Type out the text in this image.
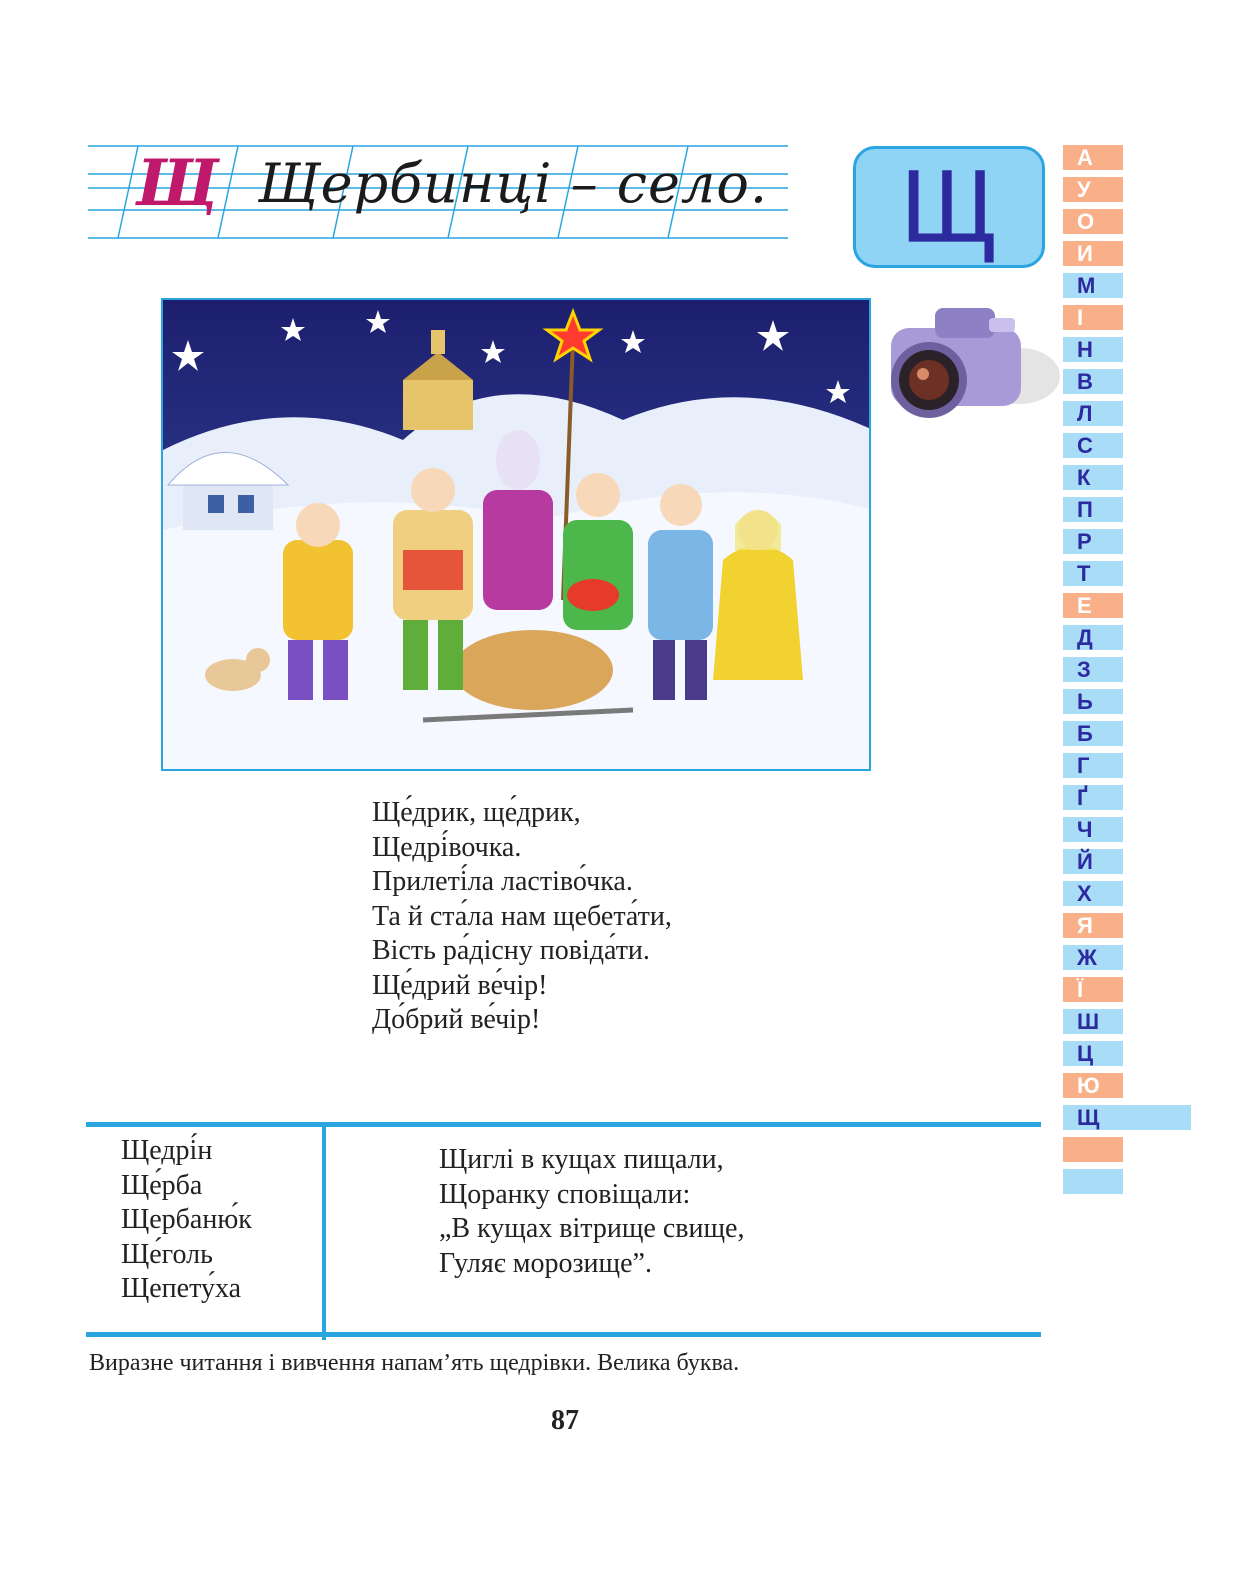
Щ Щербинці – село.	Щ	А
У
О
И
М
І
Н
В
Л
С
К
П
Р
Т
Е
Д
З
Ь
Б
Г
Ґ
Ч
Й
Х
Я
Ж
Ї
Ш
Ц
Ю
Щ
Ще́дрик, ще́дрик,
Щедрі́вочка.
Прилеті́ла ластіво́чка.
Та й ста́ла нам щебета́ти,
Вість ра́дісну повіда́ти.
Ще́дрий ве́чір!
До́брий ве́чір!
Щедрі́н
Ще́рба
Щербаню́к
Ще́голь
Щепету́ха
Щиглі в кущах пищали,
Щоранку сповіщали:
„В кущах вітрище свище,
Гуляє морозище”.
Виразне читання і вивчення напам’ять щедрівки. Велика буква.
87
